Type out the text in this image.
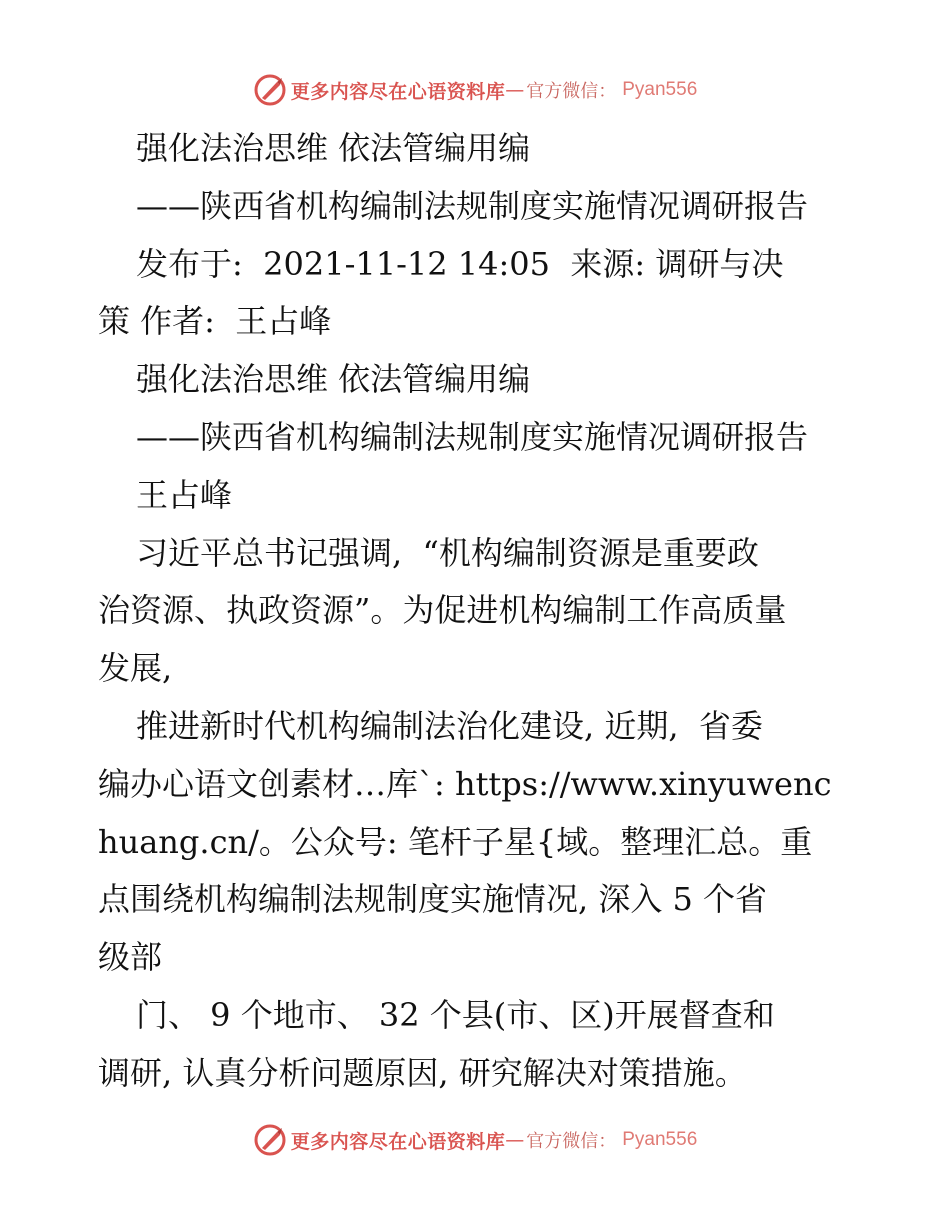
更多内容尽在心语资料库 — 官方微信： Pyan556
强化法治思维 依法管编用编
——陕西省机构编制法规制度实施情况调研报告
发布于:  2021-11-12 14:05  来源: 调研与决
策 作者:  王占峰
强化法治思维 依法管编用编
——陕西省机构编制法规制度实施情况调研报告
王占峰
习近平总书记强调,  “机构编制资源是重要政
治资源、执政资源”。为促进机构编制工作高质量
发展,
推进新时代机构编制法治化建设, 近期,  省委
编办心语文创素材…库`: https://www.xinyuwenc
huang.cn/。公众号: 笔杆子星{域。整理汇总。重
点围绕机构编制法规制度实施情况, 深入 5 个省
级部
门、 9 个地市、 32 个县(市、区)开展督查和
调研, 认真分析问题原因, 研究解决对策措施。
更多内容尽在心语资料库 — 官方微信： Pyan556
